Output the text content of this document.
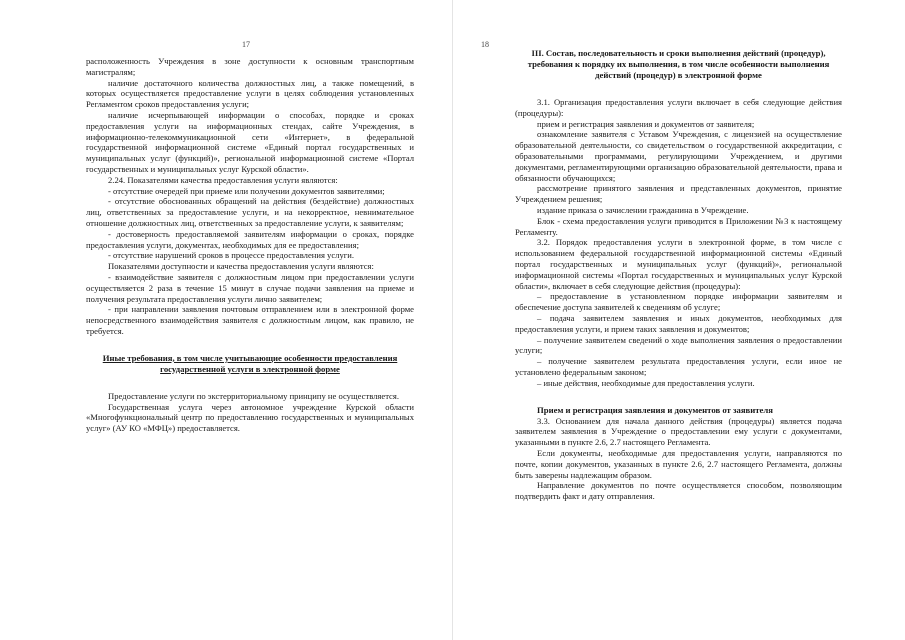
17	18

расположенность Учреждения в зоне доступности к основным транспортным магистралям;

наличие достаточного количества должностных лиц, а также помещений, в которых осуществляется предоставление услуги в целях соблюдения установленных Регламентом сроков предоставления услуги;

наличие исчерпывающей информации о способах, порядке и сроках предоставления услуги на информационных стендах, сайте Учреждения, в информационно-телекоммуникационной сети «Интернет», в федеральной государственной информационной системе «Единый портал государственных и муниципальных услуг (функций)», региональной информационной системе «Портал государственных и муниципальных услуг Курской области».

2.24. Показателями качества предоставления услуги являются:

- отсутствие очередей при приеме или получении документов заявителями;

- отсутствие обоснованных обращений на действия (бездействие) должностных лиц, ответственных за предоставление услуги, и на некорректное, невнимательное отношение должностных лиц, ответственных за предоставление услуги, к заявителям;

- достоверность предоставляемой заявителям информации о сроках, порядке предоставления услуги, документах, необходимых для ее предоставления;

- отсутствие нарушений сроков в процессе предоставления услуги.

Показателями доступности и качества предоставления услуги являются:

- взаимодействие заявителя с должностным лицом при предоставлении услуги осуществляется 2 раза в течение 15 минут в случае подачи заявления на приеме и получения результата предоставления услуги лично заявителем;

- при направлении заявления почтовым отправлением или в электронной форме непосредственного взаимодействия заявителя с должностным лицом, как правило, не требуется.

Иные требования, в том числе учитывающие особенности предоставления государственной услуги в электронной форме

Предоставление услуги по экстерриториальному принципу не осуществляется.

Государственная услуга через автономное учреждение Курской области «Многофункциональный центр по предоставлению государственных и муниципальных услуг» (АУ КО «МФЦ») предоставляется.

III. Состав, последовательность и сроки выполнения действий (процедур), требования к порядку их выполнения, в том числе особенности выполнения действий (процедур) в электронной форме

3.1. Организация предоставления услуги включает в себя следующие действия (процедуры):

прием и регистрация заявления и документов от заявителя;

ознакомление заявителя с Уставом Учреждения, с лицензией на осуществление образовательной деятельности, со свидетельством о государственной аккредитации, с образовательными программами, регулирующими Учреждением, и другими документами, регламентирующими организацию образовательной деятельности, права и обязанности обучающихся;

рассмотрение принятого заявления и представленных документов, принятие Учреждением решения;

издание приказа о зачислении гражданина в Учреждение.

Блок - схема предоставления услуги приводится в Приложении №3 к настоящему Регламенту.

3.2. Порядок предоставления услуги в электронной форме, в том числе с использованием федеральной государственной информационной системы «Единый портал государственных и муниципальных услуг (функций)», региональной информационной системы «Портал государственных и муниципальных услуг Курской области», включает в себя следующие действия (процедуры):

– предоставление в установленном порядке информации заявителям и обеспечение доступа заявителей к сведениям об услуге;

– подача заявителем заявления и иных документов, необходимых для предоставления услуги, и прием таких заявления и документов;

– получение заявителем сведений о ходе выполнения заявления о предоставлении услуги;

– получение заявителем результата предоставления услуги, если иное не установлено федеральным законом;

– иные действия, необходимые для предоставления услуги.

Прием и регистрация заявления и документов от заявителя

3.3. Основанием для начала данного действия (процедуры) является подача заявителем заявления в Учреждение о предоставлении ему услуги с документами, указанными в пункте 2.6, 2.7 настоящего Регламента.

Если документы, необходимые для предоставления услуги, направляются по почте, копии документов, указанных в пункте 2.6, 2.7 настоящего Регламента, должны быть заверены надлежащим образом.

Направление документов по почте осуществляется способом, позволяющим подтвердить факт и дату отправления.
